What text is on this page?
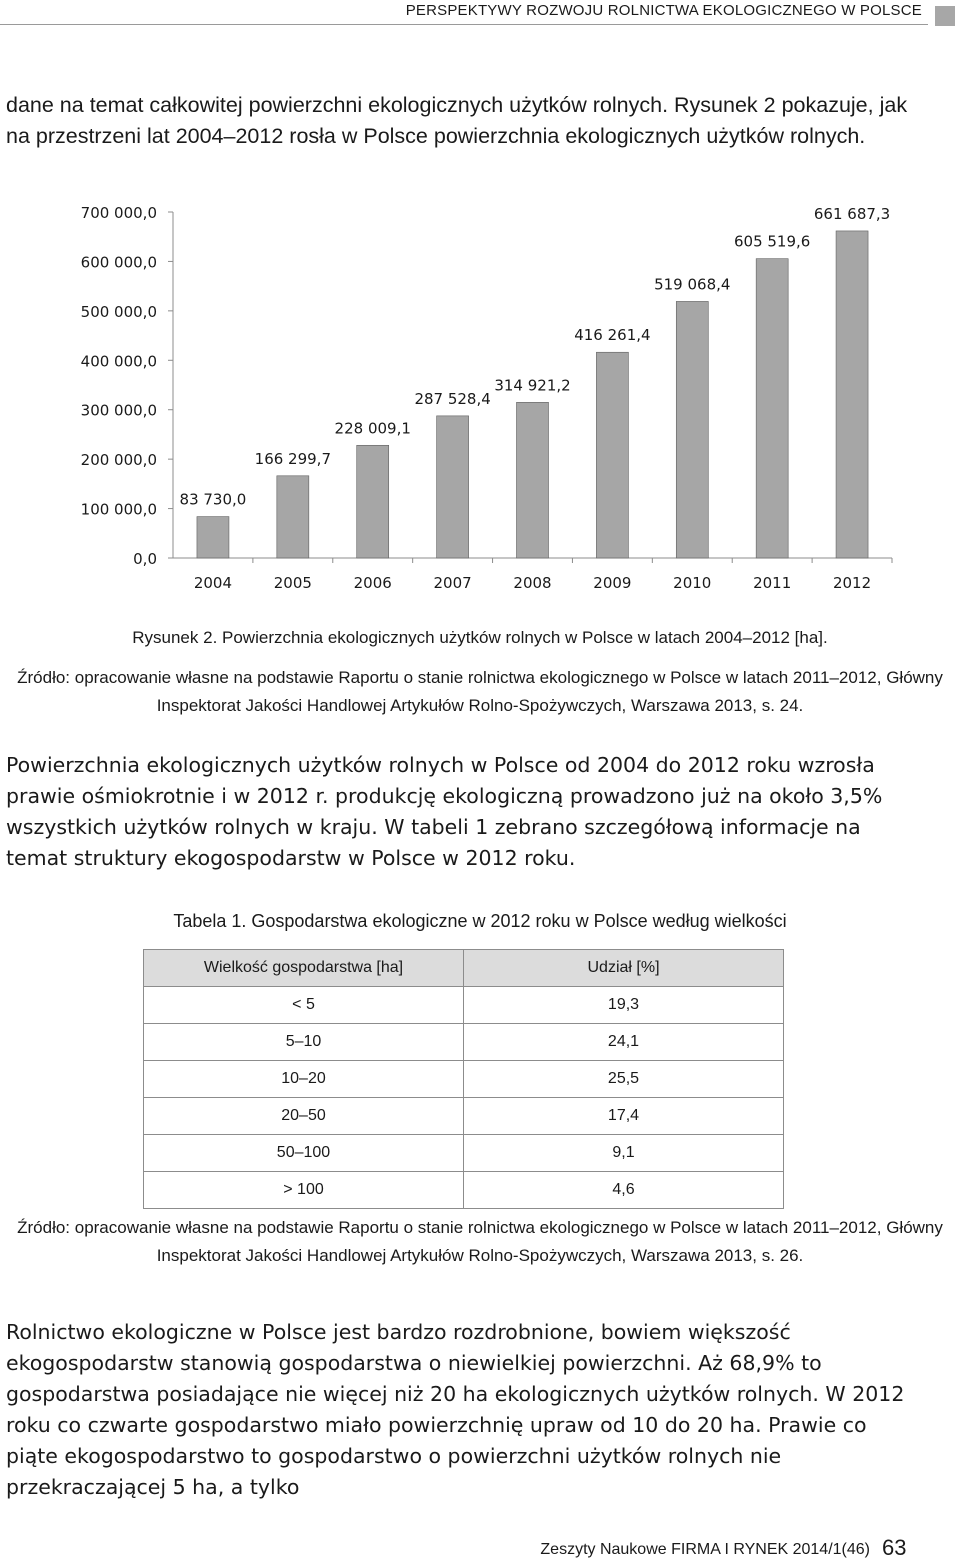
PERSPEKTYWY ROZWOJU ROLNICTWA EKOLOGICZNEGO W POLSCE
dane na temat całkowitej powierzchni ekologicznych użytków rolnych. Rysunek 2 pokazuje, jak na przestrzeni lat 2004–2012 rosła w Polsce powierzchnia ekologicznych użytków rolnych.
0,0
100 000,0
200 000,0
300 000,0
400 000,0
500 000,0
600 000,0
700 000,0
83 730,0
166 299,7
228 009,1
287 528,4
314 921,2
416 261,4
519 068,4
605 519,6
661 687,3
2004	2005	2006	2007	2008	2009	2010	2011	2012
Rysunek 2. Powierzchnia ekologicznych użytków rolnych w Polsce w latach 2004–2012 [ha].
Źródło: opracowanie własne na podstawie Raportu o stanie rolnictwa ekologicznego w Polsce w latach 2011–2012, Główny
Inspektorat Jakości Handlowej Artykułów Rolno-Spożywczych, Warszawa 2013, s. 24.
Powierzchnia ekologicznych użytków rolnych w Polsce od 2004 do 2012 roku wzrosła prawie ośmiokrotnie i w 2012 r. produkcję ekologiczną prowadzono już na około 3,5% wszystkich użytków rolnych w kraju. W tabeli 1 zebrano szczegółową informacje na temat struktury ekogospodarstw w Polsce w 2012 roku.
Tabela 1. Gospodarstwa ekologiczne w 2012 roku w Polsce według wielkości
Wielkość gospodarstwa [ha]	Udział [%]
< 5	19,3
5–10	24,1
10–20	25,5
20–50	17,4
50–100	9,1
> 100	4,6
Źródło: opracowanie własne na podstawie Raportu o stanie rolnictwa ekologicznego w Polsce w latach 2011–2012, Główny
Inspektorat Jakości Handlowej Artykułów Rolno-Spożywczych, Warszawa 2013, s. 26.
Rolnictwo ekologiczne w Polsce jest bardzo rozdrobnione, bowiem większość ekogospodarstw stanowią gospodarstwa o niewielkiej powierzchni. Aż 68,9% to gospodarstwa posiadające nie więcej niż 20 ha ekologicznych użytków rolnych. W 2012 roku co czwarte gospodarstwo miało powierzchnię upraw od 10 do 20 ha. Prawie co piąte ekogospodarstwo to gospodarstwo o powierzchni użytków rolnych nie przekraczającej 5 ha, a tylko
Zeszyty Naukowe FIRMA I RYNEK 2014/1(46) 63
